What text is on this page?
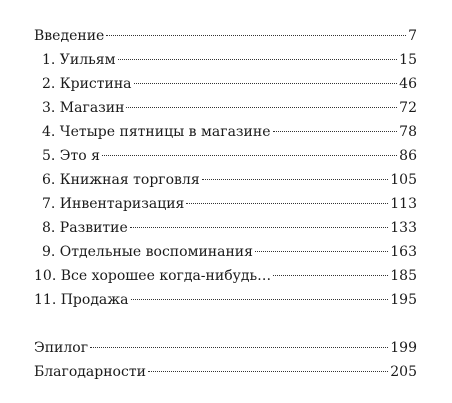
Введение	7
1. Уильям	15
2. Кристина	46
3. Магазин	72
4. Четыре пятницы в магазине	78
5. Это я	86
6. Книжная торговля	105
7. Инвентаризация	113
8. Развитие	133
9. Отдельные воспоминания	163
10. Все хорошее когда-нибудь…	185
11. Продажа	195
Эпилог	199
Благодарности	205
